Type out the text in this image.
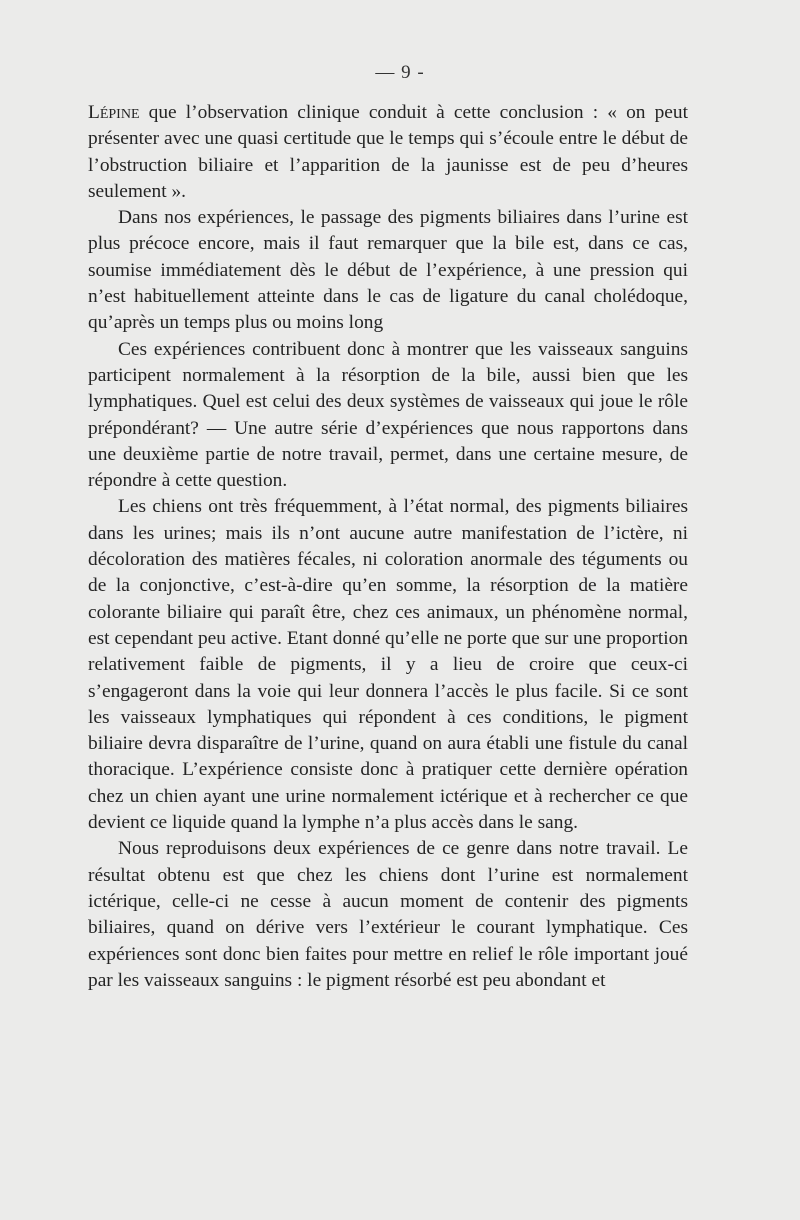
— 9 -

Lépine que l’observation clinique conduit à cette conclusion : « on peut présenter avec une quasi certitude que le temps qui s’écoule entre le début de l’obstruction biliaire et l’apparition de la jaunisse est de peu d’heures seulement ».

Dans nos expériences, le passage des pigments biliaires dans l’urine est plus précoce encore, mais il faut remarquer que la bile est, dans ce cas, soumise immédiatement dès le début de l’expérience, à une pression qui n’est habituellement atteinte dans le cas de ligature du canal cholédoque, qu’après un temps plus ou moins long

Ces expériences contribuent donc à montrer que les vaisseaux sanguins participent normalement à la résorption de la bile, aussi bien que les lymphatiques. Quel est celui des deux systèmes de vaisseaux qui joue le rôle prépondérant? — Une autre série d’expériences que nous rapportons dans une deuxième partie de notre travail, permet, dans une certaine mesure, de répondre à cette question.

Les chiens ont très fréquemment, à l’état normal, des pigments biliaires dans les urines; mais ils n’ont aucune autre manifestation de l’ictère, ni décoloration des matières fécales, ni coloration anormale des téguments ou de la conjonctive, c’est-à-dire qu’en somme, la résorption de la matière colorante biliaire qui paraît être, chez ces animaux, un phénomène normal, est cependant peu active. Etant donné qu’elle ne porte que sur une proportion relativement faible de pigments, il y a lieu de croire que ceux-ci s’engageront dans la voie qui leur donnera l’accès le plus facile. Si ce sont les vaisseaux lymphatiques qui répondent à ces conditions, le pigment biliaire devra disparaître de l’urine, quand on aura établi une fistule du canal thoracique. L’expérience consiste donc à pratiquer cette dernière opération chez un chien ayant une urine normalement ictérique et à rechercher ce que devient ce liquide quand la lymphe n’a plus accès dans le sang.

Nous reproduisons deux expériences de ce genre dans notre travail. Le résultat obtenu est que chez les chiens dont l’urine est normalement ictérique, celle-ci ne cesse à aucun moment de contenir des pigments biliaires, quand on dérive vers l’extérieur le courant lymphatique. Ces expériences sont donc bien faites pour mettre en relief le rôle important joué par les vaisseaux sanguins : le pigment résorbé est peu abondant et
